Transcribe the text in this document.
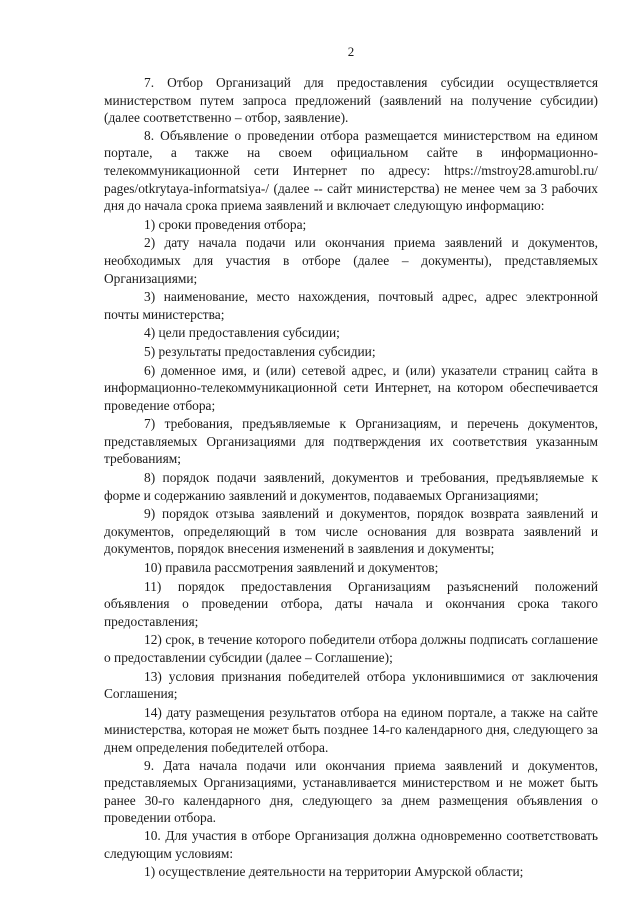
2

7. Отбор Организаций для предоставления субсидии осуществляется министерством путем запроса предложений (заявлений на получение субсидии) (далее соответственно – отбор, заявление).

8. Объявление о проведении отбора размещается министерством на едином портале, а также на своем официальном сайте в информационно-телекоммуникационной сети Интернет по адресу: https://mstroy28.amurobl.ru/ pages/otkrytaya-informatsiya-/ (далее -- сайт министерства) не менее чем за 3 рабочих дня до начала срока приема заявлений и включает следующую информацию:

1) сроки проведения отбора;

2) дату начала подачи или окончания приема заявлений и документов, необходимых для участия в отборе (далее – документы), представляемых Организациями;

3) наименование, место нахождения, почтовый адрес, адрес электронной почты министерства;

4) цели предоставления субсидии;

5) результаты предоставления субсидии;

6) доменное имя, и (или) сетевой адрес, и (или) указатели страниц сайта в информационно-телекоммуникационной сети Интернет, на котором обеспечивается проведение отбора;

7) требования, предъявляемые к Организациям, и перечень документов, представляемых Организациями для подтверждения их соответствия указанным требованиям;

8) порядок подачи заявлений, документов и требования, предъявляемые к форме и содержанию заявлений и документов, подаваемых Организациями;

9) порядок отзыва заявлений и документов, порядок возврата заявлений и документов, определяющий в том числе основания для возврата заявлений и документов, порядок внесения изменений в заявления и документы;

10) правила рассмотрения заявлений и документов;

11) порядок предоставления Организациям разъяснений положений объявления о проведении отбора, даты начала и окончания срока такого предоставления;

12) срок, в течение которого победители отбора должны подписать соглашение о предоставлении субсидии (далее – Соглашение);

13) условия признания победителей отбора уклонившимися от заключения Соглашения;

14) дату размещения результатов отбора на едином портале, а также на сайте министерства, которая не может быть позднее 14-го календарного дня, следующего за днем определения победителей отбора.

9. Дата начала подачи или окончания приема заявлений и документов, представляемых Организациями, устанавливается министерством и не может быть ранее 30-го календарного дня, следующего за днем размещения объявления о проведении отбора.

10. Для участия в отборе Организация должна одновременно соответствовать следующим условиям:

1) осуществление деятельности на территории Амурской области;
